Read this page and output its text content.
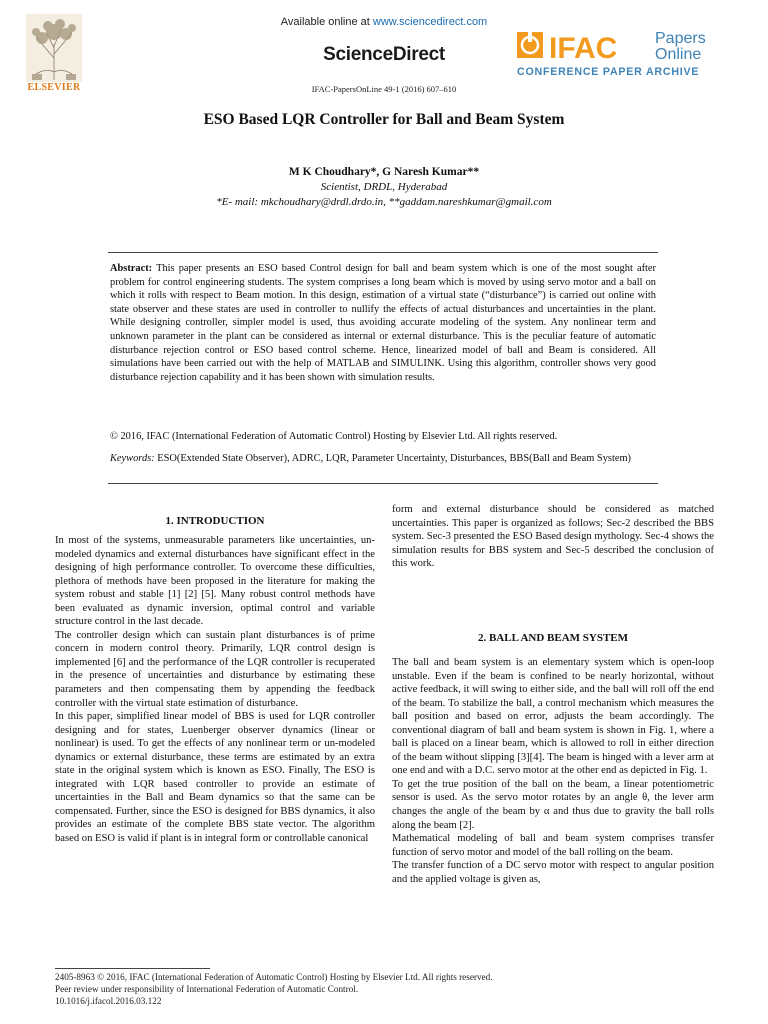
Available online at www.sciencedirect.com
ScienceDirect
IFAC-PapersOnLine 49-1 (2016) 607–610
ELSEVIER
IFAC Papers
Online
CONFERENCE PAPER ARCHIVE
ESO Based LQR Controller for Ball and Beam System
M K Choudhary*, G Naresh Kumar**
Scientist, DRDL, Hyderabad
*E- mail: mkchoudhary@drdl.drdo.in, **gaddam.nareshkumar@gmail.com
Abstract: This paper presents an ESO based Control design for ball and beam system which is one of the most sought after problem for control engineering students. The system comprises a long beam which is moved by using servo motor and a ball on which it rolls with respect to Beam motion. In this design, estimation of a virtual state (“disturbance”) is carried out online with state observer and these states are used in controller to nullify the effects of actual disturbances and uncertainties in the plant. While designing controller, simpler model is used, thus avoiding accurate modeling of the system. Any nonlinear term and unknown parameter in the plant can be considered as internal or external disturbance. This is the peculiar feature of automatic disturbance rejection control or ESO based control scheme. Hence, linearized model of ball and Beam is considered. All simulations have been carried out with the help of MATLAB and SIMULINK. Using this algorithm, controller shows very good disturbance rejection capability and it has been shown with simulation results.
© 2016, IFAC (International Federation of Automatic Control) Hosting by Elsevier Ltd. All rights reserved.
Keywords: ESO(Extended State Observer), ADRC, LQR, Parameter Uncertainty, Disturbances, BBS(Ball and Beam System)
1. INTRODUCTION

In most of the systems, unmeasurable parameters like uncertainties, un-modeled dynamics and external disturbances have significant effect in the designing of high performance controller. To overcome these difficulties, plethora of methods have been proposed in the literature for making the system robust and stable [1] [2] [5]. Many robust control methods have been evaluated as dynamic inversion, optimal control and variable structure control in the last decade.

The controller design which can sustain plant disturbances is of prime concern in modern control theory. Primarily, LQR control design is implemented [6] and the performance of the LQR controller is recuperated in the presence of uncertainties and disturbance by estimating these parameters and then compensating them by appending the feedback controller with the virtual state estimation of disturbance.

In this paper, simplified linear model of BBS is used for LQR controller designing and for states, Luenberger observer dynamics (linear or nonlinear) is used. To get the effects of any nonlinear term or un-modeled dynamics or external disturbance, these terms are estimated by an extra state in the original system which is known as ESO. Finally, The ESO is integrated with LQR based controller to provide an estimate of uncertainties in the Ball and Beam dynamics so that the same can be compensated. Further, since the ESO is designed for BBS dynamics, it also provides an estimate of the complete BBS state vector. The algorithm based on ESO is valid if plant is in integral form or controllable canonical

form and external disturbance should be considered as matched uncertainties. This paper is organized as follows; Sec-2 described the BBS system. Sec-3 presented the ESO Based design mythology. Sec-4 shows the simulation results for BBS system and Sec-5 described the conclusion of this work.

2. BALL AND BEAM SYSTEM

The ball and beam system is an elementary system which is open-loop unstable. Even if the beam is confined to be nearly horizontal, without active feedback, it will swing to either side, and the ball will roll off the end of the beam. To stabilize the ball, a control mechanism which measures the ball position and based on error, adjusts the beam accordingly. The conventional diagram of ball and beam system is shown in Fig. 1, where a ball is placed on a linear beam, which is allowed to roll in either direction of the beam without slipping [3][4]. The beam is hinged with a lever arm at one end and with a D.C. servo motor at the other end as depicted in Fig. 1.

To get the true position of the ball on the beam, a linear potentiometric sensor is used. As the servo motor rotates by an angle θ, the lever arm changes the angle of the beam by α and thus due to gravity the ball rolls along the beam [2].

Mathematical modeling of ball and beam system comprises transfer function of servo motor and model of the ball rolling on the beam.

The transfer function of a DC servo motor with respect to angular position and the applied voltage is given as,

2405-8963 © 2016, IFAC (International Federation of Automatic Control) Hosting by Elsevier Ltd. All rights reserved.
Peer review under responsibility of International Federation of Automatic Control.
10.1016/j.ifacol.2016.03.122
